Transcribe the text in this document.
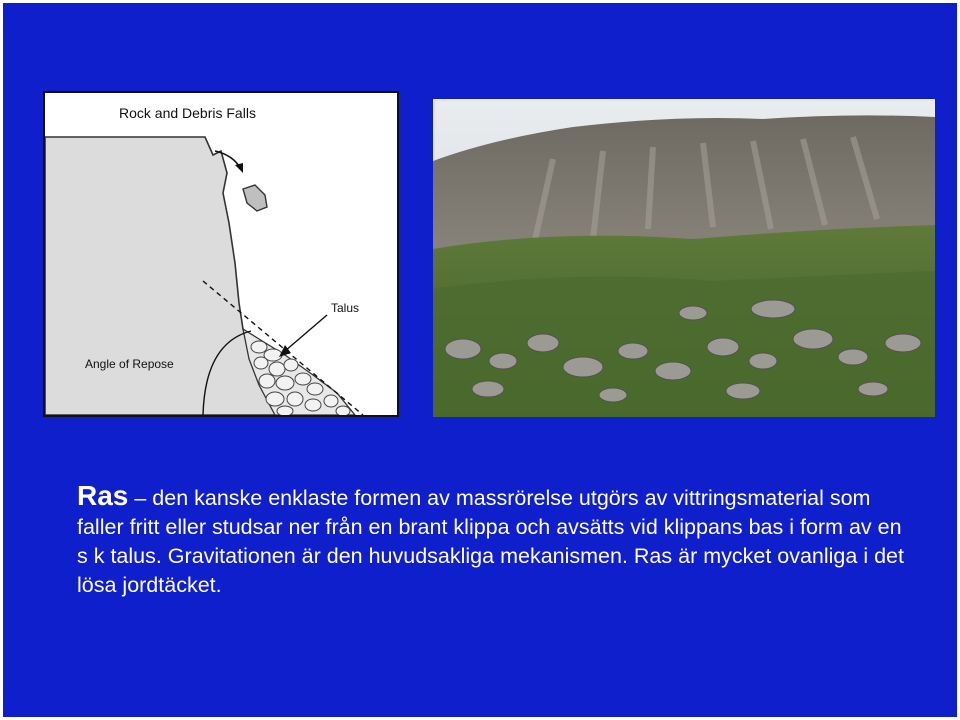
Rock and Debris Falls
Talus
Angle of Repose
Ras – den kanske enklaste formen av massrörelse utgörs av vittringsmaterial som faller fritt eller studsar ner från en brant klippa och avsätts vid klippans bas i form av en s k talus. Gravitationen är den huvudsakliga mekanismen. Ras är mycket ovanliga i det lösa jordtäcket.
